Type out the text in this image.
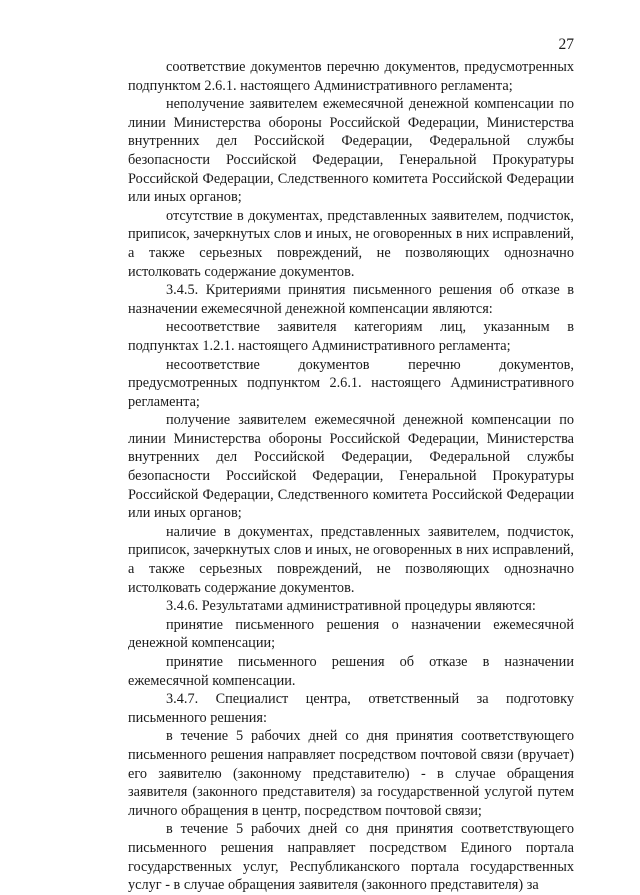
27

соответствие документов перечню документов, предусмотренных подпунктом 2.6.1. настоящего Административного регламента;

неполучение заявителем ежемесячной денежной компенсации по линии Министерства обороны Российской Федерации, Министерства внутренних дел Российской Федерации, Федеральной службы безопасности Российской Федерации, Генеральной Прокуратуры Российской Федерации, Следственного комитета Российской Федерации или иных органов;

отсутствие в документах, представленных заявителем, подчисток, приписок, зачеркнутых слов и иных, не оговоренных в них исправлений, а также серьезных повреждений, не позволяющих однозначно истолковать содержание документов.

3.4.5. Критериями принятия письменного решения об отказе в назначении ежемесячной денежной компенсации являются:

несоответствие заявителя категориям лиц, указанным в подпунктах 1.2.1. настоящего Административного регламента;

несоответствие документов перечню документов, предусмотренных подпунктом 2.6.1. настоящего Административного регламента;

получение заявителем ежемесячной денежной компенсации по линии Министерства обороны Российской Федерации, Министерства внутренних дел Российской Федерации, Федеральной службы безопасности Российской Федерации, Генеральной Прокуратуры Российской Федерации, Следственного комитета Российской Федерации или иных органов;

наличие в документах, представленных заявителем, подчисток, приписок, зачеркнутых слов и иных, не оговоренных в них исправлений, а также серьезных повреждений, не позволяющих однозначно истолковать содержание документов.

3.4.6. Результатами административной процедуры являются:

принятие письменного решения о назначении ежемесячной денежной компенсации;

принятие письменного решения об отказе в назначении ежемесячной компенсации.

3.4.7. Специалист центра, ответственный за подготовку письменного решения:

в течение 5 рабочих дней со дня принятия соответствующего письменного решения направляет посредством почтовой связи (вручает) его заявителю (законному представителю) - в случае обращения заявителя (законного представителя) за государственной услугой путем личного обращения в центр, посредством почтовой связи;

в течение 5 рабочих дней со дня принятия соответствующего письменного решения направляет посредством Единого портала государственных услуг, Республиканского портала государственных услуг - в случае обращения заявителя (законного представителя) за
